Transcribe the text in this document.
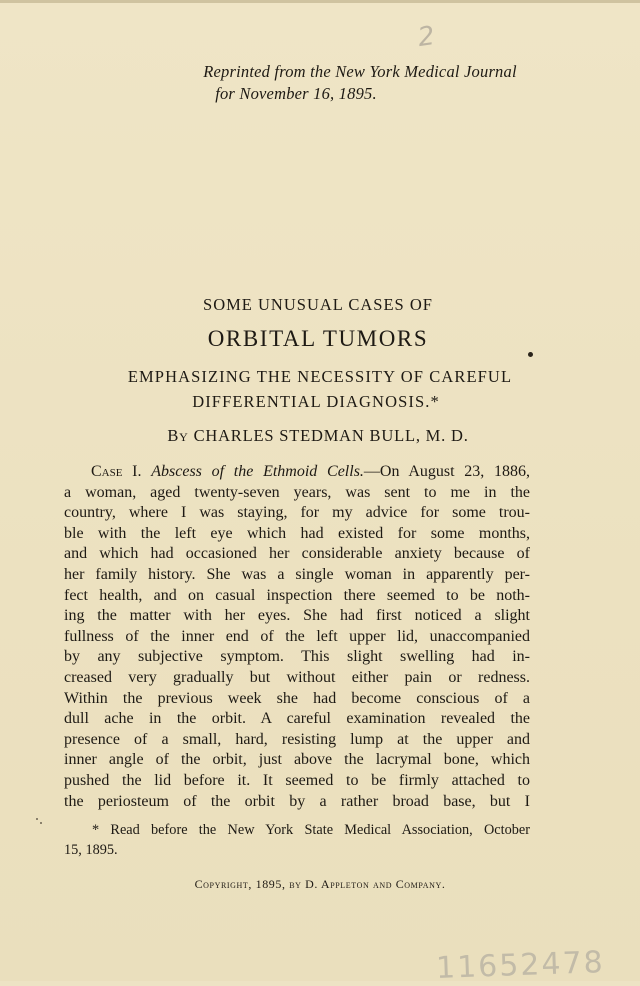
2
Reprinted from the New York Medical Journal
for November 16, 1895.
SOME UNUSUAL CASES OF
ORBITAL TUMORS
EMPHASIZING THE NECESSITY OF CAREFUL
DIFFERENTIAL DIAGNOSIS.*
By CHARLES STEDMAN BULL, M. D.
Case I. Abscess of the Ethmoid Cells.—On August 23, 1886,
a woman, aged twenty-seven years, was sent to me in the
country, where I was staying, for my advice for some trou-
ble with the left eye which had existed for some months,
and which had occasioned her considerable anxiety because of
her family history. She was a single woman in apparently per-
fect health, and on casual inspection there seemed to be noth-
ing the matter with her eyes. She had first noticed a slight
fullness of the inner end of the left upper lid, unaccompanied
by any subjective symptom. This slight swelling had in-
creased very gradually but without either pain or redness.
Within the previous week she had become conscious of a
dull ache in the orbit. A careful examination revealed the
presence of a small, hard, resisting lump at the upper and
inner angle of the orbit, just above the lacrymal bone, which
pushed the lid before it. It seemed to be firmly attached to
the periosteum of the orbit by a rather broad base, but I
* Read before the New York State Medical Association, October
15, 1895.
Copyright, 1895, by D. Appleton and Company.
11652478
